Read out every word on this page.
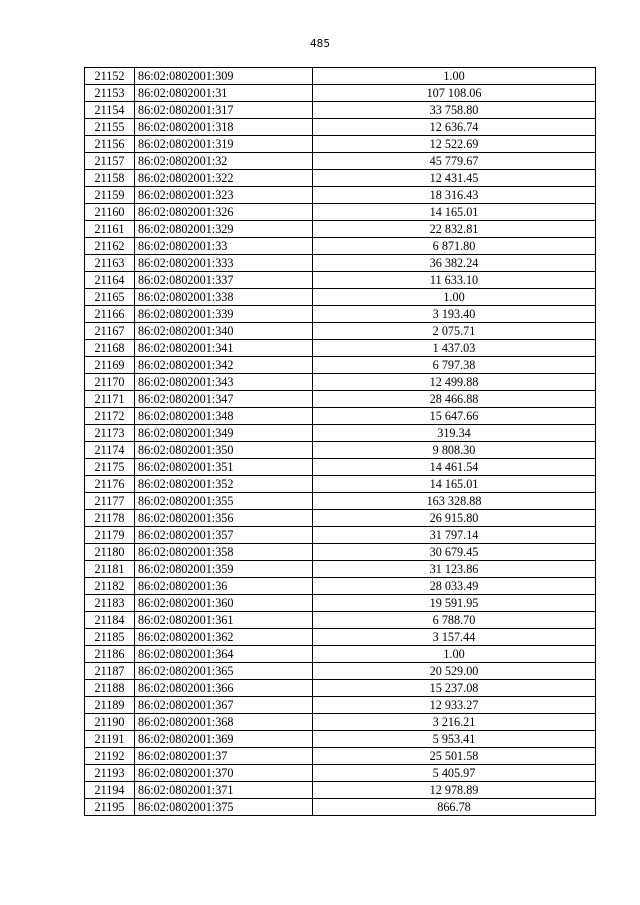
485
21152	86:02:0802001:309	1.00
21153	86:02:0802001:31	107 108.06
21154	86:02:0802001:317	33 758.80
21155	86:02:0802001:318	12 636.74
21156	86:02:0802001:319	12 522.69
21157	86:02:0802001:32	45 779.67
21158	86:02:0802001:322	12 431.45
21159	86:02:0802001:323	18 316.43
21160	86:02:0802001:326	14 165.01
21161	86:02:0802001:329	22 832.81
21162	86:02:0802001:33	6 871.80
21163	86:02:0802001:333	36 382.24
21164	86:02:0802001:337	11 633.10
21165	86:02:0802001:338	1.00
21166	86:02:0802001:339	3 193.40
21167	86:02:0802001:340	2 075.71
21168	86:02:0802001:341	1 437.03
21169	86:02:0802001:342	6 797.38
21170	86:02:0802001:343	12 499.88
21171	86:02:0802001:347	28 466.88
21172	86:02:0802001:348	15 647.66
21173	86:02:0802001:349	319.34
21174	86:02:0802001:350	9 808.30
21175	86:02:0802001:351	14 461.54
21176	86:02:0802001:352	14 165.01
21177	86:02:0802001:355	163 328.88
21178	86:02:0802001:356	26 915.80
21179	86:02:0802001:357	31 797.14
21180	86:02:0802001:358	30 679.45
21181	86:02:0802001:359	31 123.86
21182	86:02:0802001:36	28 033.49
21183	86:02:0802001:360	19 591.95
21184	86:02:0802001:361	6 788.70
21185	86:02:0802001:362	3 157.44
21186	86:02:0802001:364	1.00
21187	86:02:0802001:365	20 529.00
21188	86:02:0802001:366	15 237.08
21189	86:02:0802001:367	12 933.27
21190	86:02:0802001:368	3 216.21
21191	86:02:0802001:369	5 953.41
21192	86:02:0802001:37	25 501.58
21193	86:02:0802001:370	5 405.97
21194	86:02:0802001:371	12 978.89
21195	86:02:0802001:375	866.78
